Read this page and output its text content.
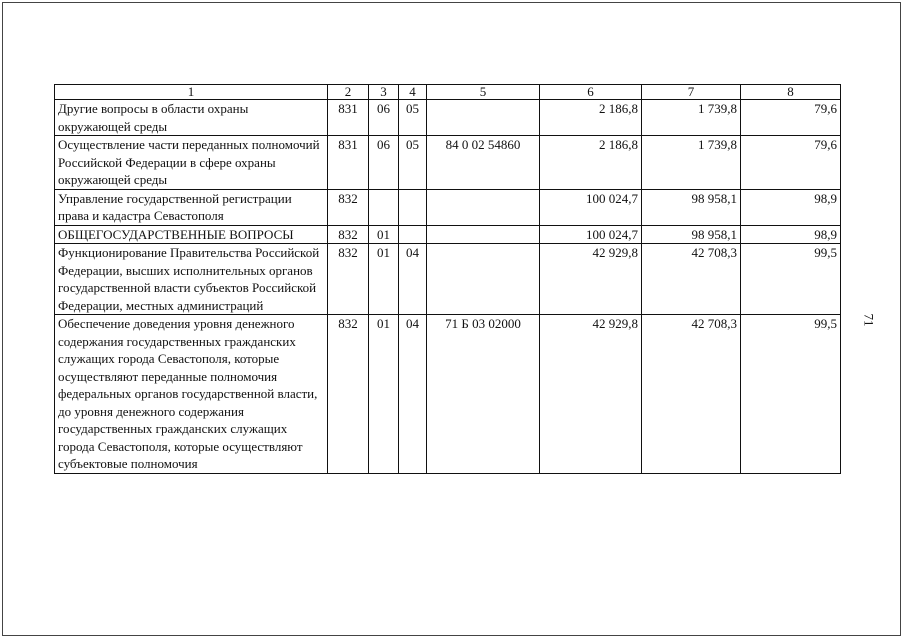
1	2	3	4	5	6	7	8
Другие вопросы в области охраны окружающей среды	831	06	05		2 186,8	1 739,8	79,6
Осуществление части переданных полномочий Российской Федерации в сфере охраны окружающей среды	831	06	05	84 0 02 54860	2 186,8	1 739,8	79,6
Управление государственной регистрации права и кадастра Севастополя	832				100 024,7	98 958,1	98,9
ОБЩЕГОСУДАРСТВЕННЫЕ ВОПРОСЫ	832	01			100 024,7	98 958,1	98,9
Функционирование Правительства Российской Федерации, высших исполнительных органов государственной власти субъектов Российской Федерации, местных администраций	832	01	04		42 929,8	42 708,3	99,5
Обеспечение доведения уровня денежного содержания государственных гражданских служащих города Севастополя, которые осуществляют переданные полномочия федеральных органов государственной власти, до уровня денежного содержания государственных гражданских служащих города Севастополя, которые осуществляют субъектовые полномочия	832	01	04	71 Б 03 02000	42 929,8	42 708,3	99,5 71
